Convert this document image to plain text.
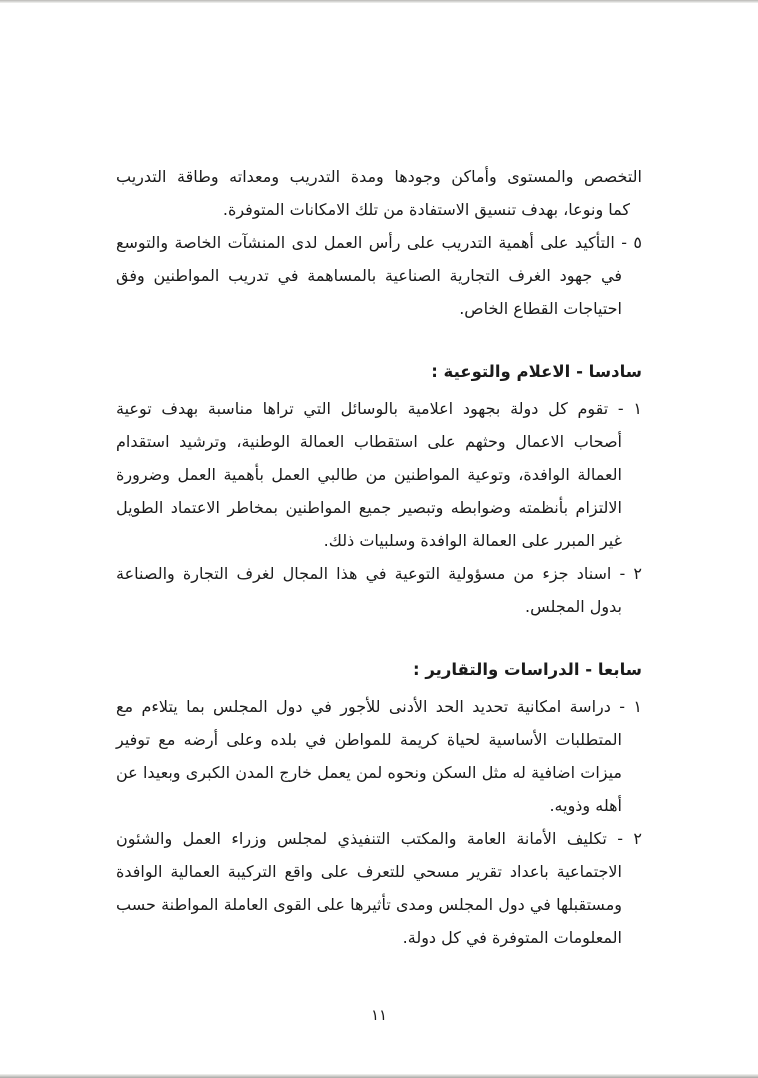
التخصص والمستوى وأماكن وجودها ومدة التدريب ومعداته وطاقة التدريب
كما ونوعا، بهدف تنسيق الاستفادة من تلك الامكانات المتوفرة.
٥ - التأكيد على أهمية التدريب على رأس العمل لدى المنشآت الخاصة والتوسع
في جهود الغرف التجارية الصناعية بالمساهمة في تدريب المواطنين وفق
احتياجات القطاع الخاص.
سادسا - الاعلام والتوعية :
١ - تقوم كل دولة بجهود اعلامية بالوسائل التي تراها مناسبة بهدف توعية
أصحاب الاعمال وحثهم على استقطاب العمالة الوطنية، وترشيد استقدام
العمالة الوافدة، وتوعية المواطنين من طالبي العمل بأهمية العمل وضرورة
الالتزام بأنظمته وضوابطه وتبصير جميع المواطنين بمخاطر الاعتماد الطويل
غير المبرر على العمالة الوافدة وسلبيات ذلك.
٢ - اسناد جزء من مسؤولية التوعية في هذا المجال لغرف التجارة والصناعة
بدول المجلس.
سابعا - الدراسات والتقارير :
١ - دراسة امكانية تحديد الحد الأدنى للأجور في دول المجلس بما يتلاءم مع
المتطلبات الأساسية لحياة كريمة للمواطن في بلده وعلى أرضه مع توفير
ميزات اضافية له مثل السكن ونحوه لمن يعمل خارج المدن الكبرى وبعيدا عن
أهله وذويه.
٢ - تكليف الأمانة العامة والمكتب التنفيذي لمجلس وزراء العمل والشئون
الاجتماعية باعداد تقرير مسحي للتعرف على واقع التركيبة العمالية الوافدة
ومستقبلها في دول المجلس ومدى تأثيرها على القوى العاملة المواطنة حسب
المعلومات المتوفرة في كل دولة.
١١
